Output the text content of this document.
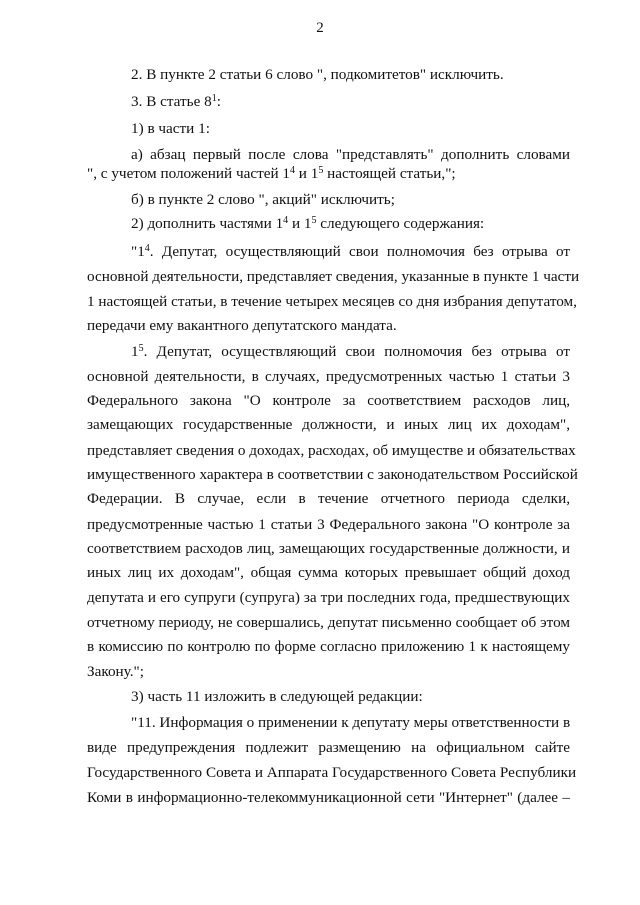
2
2. В пункте 2 статьи 6 слово ", подкомитетов" исключить.
3. В статье $8^1$:
1) в части 1:
а) абзац первый после слова "представлять" дополнить словами
", с учетом положений частей $1^4$ и $1^5$ настоящей статьи,";
б) в пункте 2 слово ", акций" исключить;
2) дополнить частями $1^4$ и $1^5$ следующего содержания:
"$1^4$. Депутат, осуществляющий свои полномочия без отрыва от
основной деятельности, представляет сведения, указанные в пункте 1 части
1 настоящей статьи, в течение четырех месяцев со дня избрания депутатом,
передачи ему вакантного депутатского мандата.
$1^5$. Депутат, осуществляющий свои полномочия без отрыва от
основной деятельности, в случаях, предусмотренных частью 1 статьи 3
Федерального закона "О контроле за соответствием расходов лиц,
замещающих государственные должности, и иных лиц их доходам",
представляет сведения о доходах, расходах, об имуществе и обязательствах
имущественного характера в соответствии с законодательством Российской
Федерации. В случае, если в течение отчетного периода сделки,
предусмотренные частью 1 статьи 3 Федерального закона "О контроле за
соответствием расходов лиц, замещающих государственные должности, и
иных лиц их доходам", общая сумма которых превышает общий доход
депутата и его супруги (супруга) за три последних года, предшествующих
отчетному периоду, не совершались, депутат письменно сообщает об этом
в комиссию по контролю по форме согласно приложению 1 к настоящему
Закону.";
3) часть 11 изложить в следующей редакции:
"11. Информация о применении к депутату меры ответственности в
виде предупреждения подлежит размещению на официальном сайте
Государственного Совета и Аппарата Государственного Совета Республики
Коми в информационно-телекоммуникационной сети "Интернет" (далее –
